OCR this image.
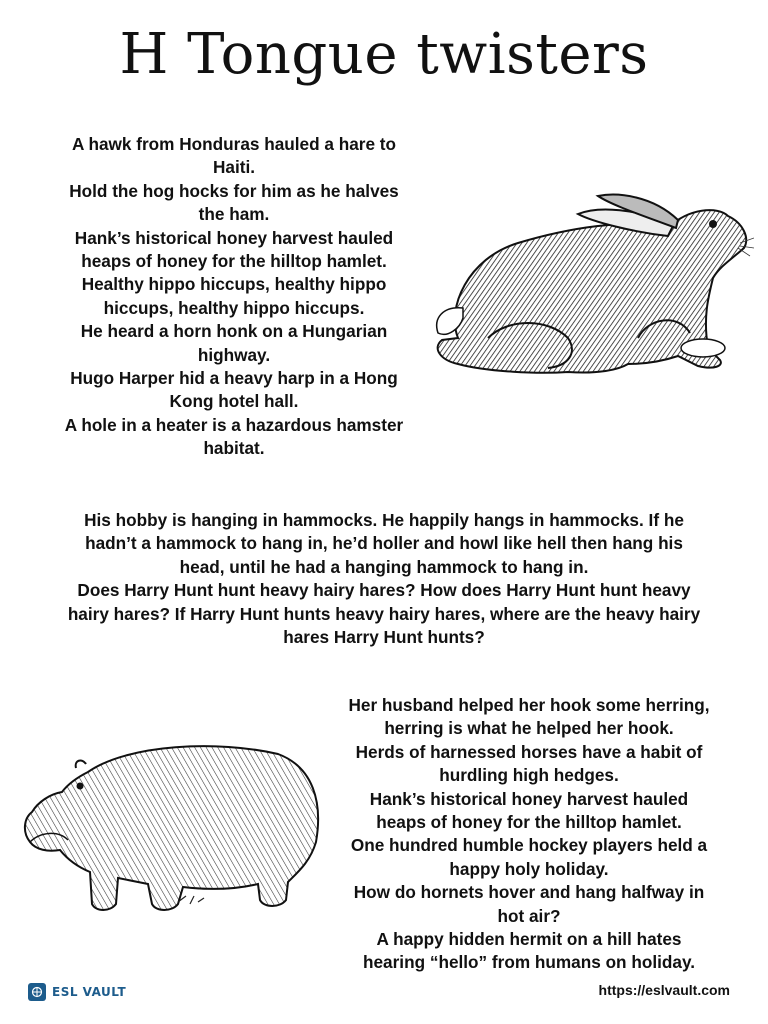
H Tongue twisters
A hawk from Honduras hauled a hare to
Haiti.
Hold the hog hocks for him as he halves
the ham.
Hank’s historical honey harvest hauled
heaps of honey for the hilltop hamlet.
Healthy hippo hiccups, healthy hippo
hiccups, healthy hippo hiccups.
He heard a horn honk on a Hungarian
highway.
Hugo Harper hid a heavy harp in a Hong
Kong hotel hall.
A hole in a heater is a hazardous hamster
habitat.
His hobby is hanging in hammocks. He happily hangs in hammocks. If he
hadn’t a hammock to hang in, he’d holler and howl like hell then hang his
head, until he had a hanging hammock to hang in.
Does Harry Hunt hunt heavy hairy hares? How does Harry Hunt hunt heavy
hairy hares? If Harry Hunt hunts heavy hairy hares, where are the heavy hairy
hares Harry Hunt hunts?
Her husband helped her hook some herring,
herring is what he helped her hook.
Herds of harnessed horses have a habit of
hurdling high hedges.
Hank’s historical honey harvest hauled
heaps of honey for the hilltop hamlet.
One hundred humble hockey players held a
happy holy holiday.
How do hornets hover and hang halfway in
hot air?
A happy hidden hermit on a hill hates
hearing “hello” from humans on holiday.
ESL VAULT	https://eslvault.com
